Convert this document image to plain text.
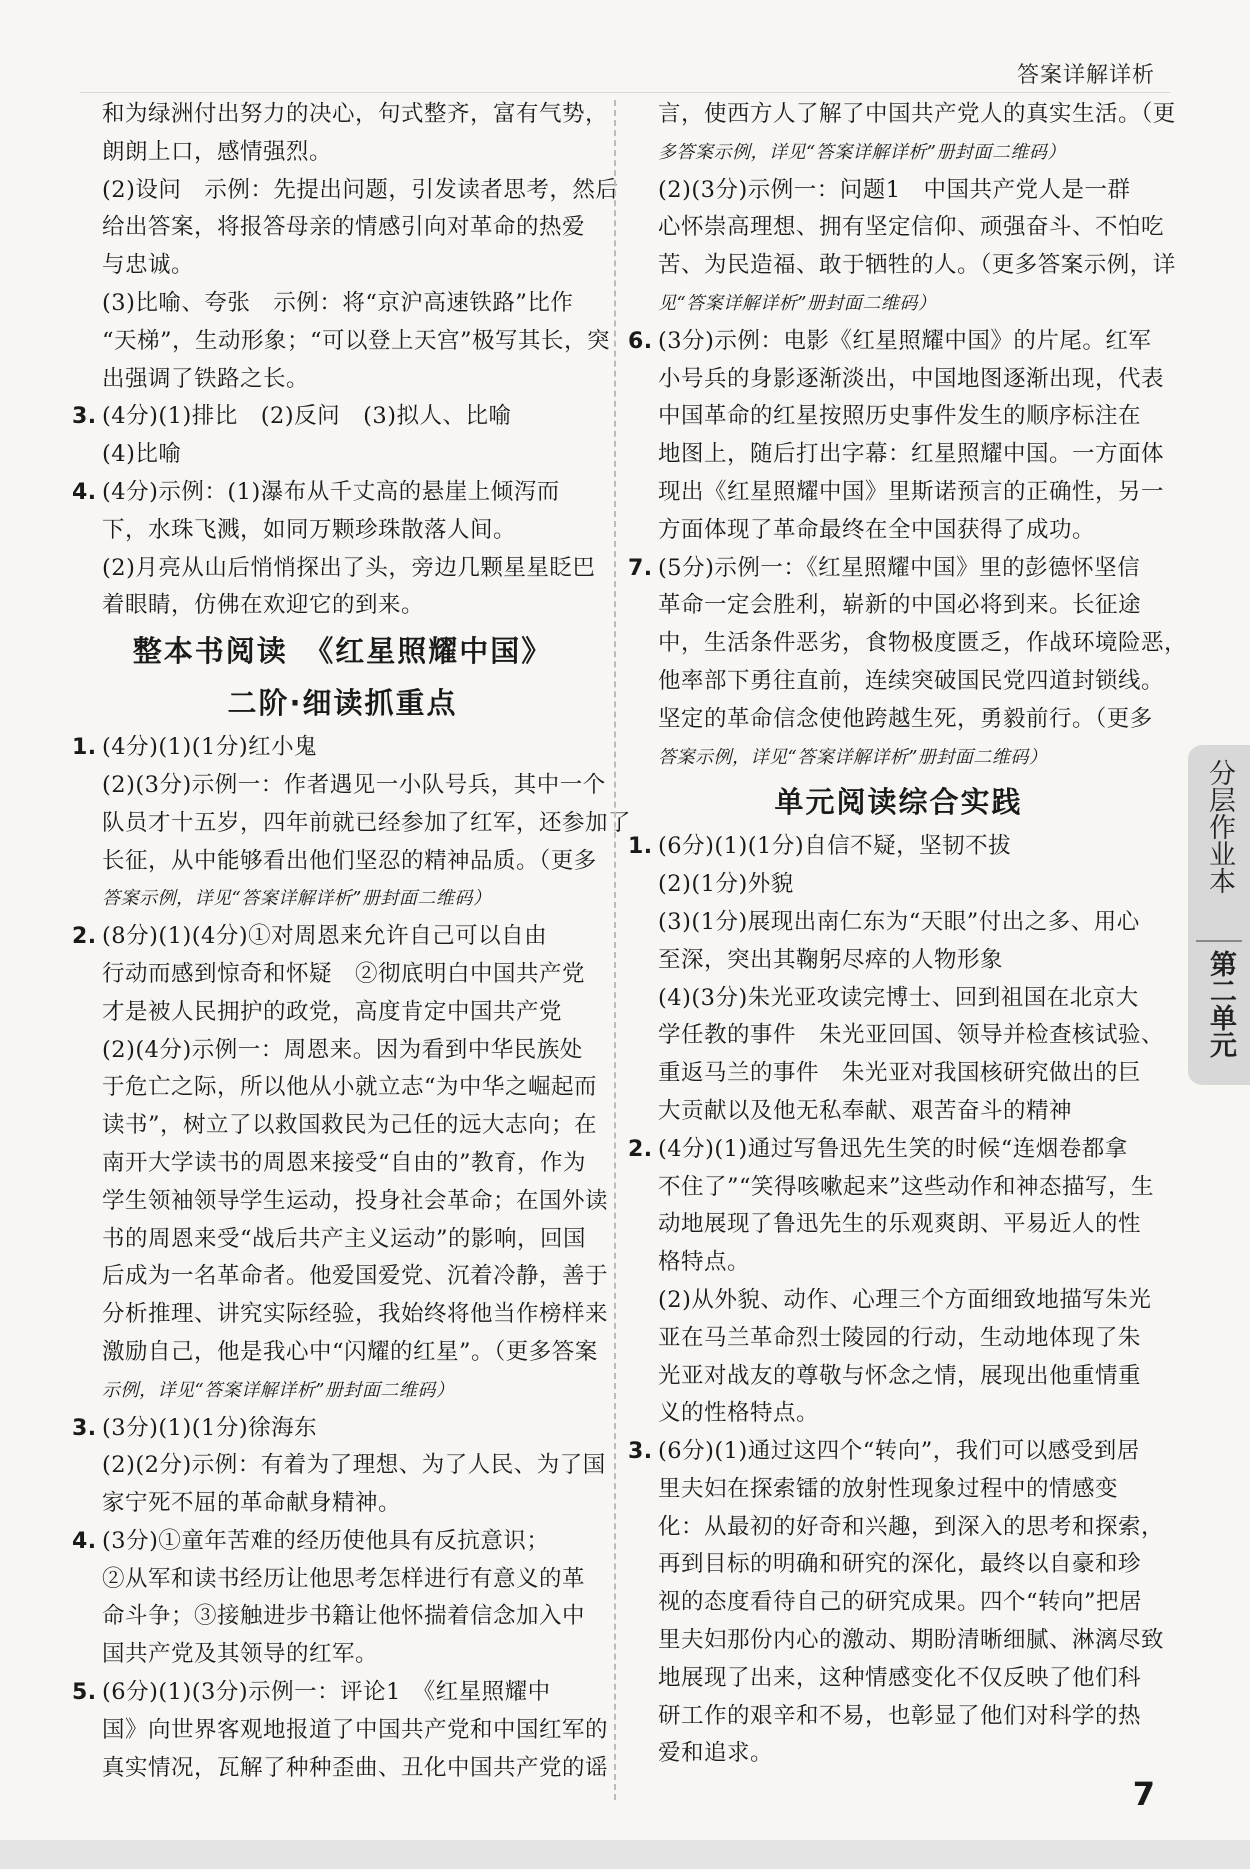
答案详解详析
和为绿洲付出努力的决心，句式整齐，富有气势，
朗朗上口，感情强烈。
(2)设问　示例：先提出问题，引发读者思考，然后
给出答案，将报答母亲的情感引向对革命的热爱
与忠诚。
(3)比喻、夸张　示例：将“京沪高速铁路”比作
“天梯”，生动形象；“可以登上天宫”极写其长，突
出强调了铁路之长。
3. (4分)(1)排比　(2)反问　(3)拟人、比喻
(4)比喻
4. (4分)示例：(1)瀑布从千丈高的悬崖上倾泻而
下，水珠飞溅，如同万颗珍珠散落人间。
(2)月亮从山后悄悄探出了头，旁边几颗星星眨巴
着眼睛，仿佛在欢迎它的到来。
整本书阅读　《红星照耀中国》
二阶·细读抓重点
1. (4分)(1)(1分)红小鬼
(2)(3分)示例一：作者遇见一小队号兵，其中一个
队员才十五岁，四年前就已经参加了红军，还参加了
长征，从中能够看出他们坚忍的精神品质。（更多
答案示例，详见“答案详解详析”册封面二维码）
2. (8分)(1)(4分)①对周恩来允许自己可以自由
行动而感到惊奇和怀疑　②彻底明白中国共产党
才是被人民拥护的政党，高度肯定中国共产党
(2)(4分)示例一：周恩来。因为看到中华民族处
于危亡之际，所以他从小就立志“为中华之崛起而
读书”，树立了以救国救民为己任的远大志向；在
南开大学读书的周恩来接受“自由的”教育，作为
学生领袖领导学生运动，投身社会革命；在国外读
书的周恩来受“战后共产主义运动”的影响，回国
后成为一名革命者。他爱国爱党、沉着冷静，善于
分析推理、讲究实际经验，我始终将他当作榜样来
激励自己，他是我心中“闪耀的红星”。（更多答案
示例，详见“答案详解详析”册封面二维码）
3. (3分)(1)(1分)徐海东
(2)(2分)示例：有着为了理想、为了人民、为了国
家宁死不屈的革命献身精神。
4. (3分)①童年苦难的经历使他具有反抗意识；
②从军和读书经历让他思考怎样进行有意义的革
命斗争；③接触进步书籍让他怀揣着信念加入中
国共产党及其领导的红军。
5. (6分)(1)(3分)示例一：评论1　《红星照耀中
国》向世界客观地报道了中国共产党和中国红军的
真实情况，瓦解了种种歪曲、丑化中国共产党的谣
言，使西方人了解了中国共产党人的真实生活。（更
多答案示例，详见“答案详解详析”册封面二维码）
(2)(3分)示例一：问题1　中国共产党人是一群
心怀崇高理想、拥有坚定信仰、顽强奋斗、不怕吃
苦、为民造福、敢于牺牲的人。（更多答案示例，详
见“答案详解详析”册封面二维码）
6. (3分)示例：电影《红星照耀中国》的片尾。红军
小号兵的身影逐渐淡出，中国地图逐渐出现，代表
中国革命的红星按照历史事件发生的顺序标注在
地图上，随后打出字幕：红星照耀中国。一方面体
现出《红星照耀中国》里斯诺预言的正确性，另一
方面体现了革命最终在全中国获得了成功。
7. (5分)示例一：《红星照耀中国》里的彭德怀坚信
革命一定会胜利，崭新的中国必将到来。长征途
中，生活条件恶劣，食物极度匮乏，作战环境险恶，
他率部下勇往直前，连续突破国民党四道封锁线。
坚定的革命信念使他跨越生死，勇毅前行。（更多
答案示例，详见“答案详解详析”册封面二维码）
单元阅读综合实践
1. (6分)(1)(1分)自信不疑，坚韧不拔
(2)(1分)外貌
(3)(1分)展现出南仁东为“天眼”付出之多、用心
至深，突出其鞠躬尽瘁的人物形象
(4)(3分)朱光亚攻读完博士、回到祖国在北京大
学任教的事件　朱光亚回国、领导并检查核试验、
重返马兰的事件　朱光亚对我国核研究做出的巨
大贡献以及他无私奉献、艰苦奋斗的精神
2. (4分)(1)通过写鲁迅先生笑的时候“连烟卷都拿
不住了”“笑得咳嗽起来”这些动作和神态描写，生
动地展现了鲁迅先生的乐观爽朗、平易近人的性
格特点。
(2)从外貌、动作、心理三个方面细致地描写朱光
亚在马兰革命烈士陵园的行动，生动地体现了朱
光亚对战友的尊敬与怀念之情，展现出他重情重
义的性格特点。
3. (6分)(1)通过这四个“转向”，我们可以感受到居
里夫妇在探索镭的放射性现象过程中的情感变
化：从最初的好奇和兴趣，到深入的思考和探索，
再到目标的明确和研究的深化，最终以自豪和珍
视的态度看待自己的研究成果。四个“转向”把居
里夫妇那份内心的激动、期盼清晰细腻、淋漓尽致
地展现了出来，这种情感变化不仅反映了他们科
研工作的艰辛和不易，也彰显了他们对科学的热
爱和追求。
分层作业本
第二单元
7
